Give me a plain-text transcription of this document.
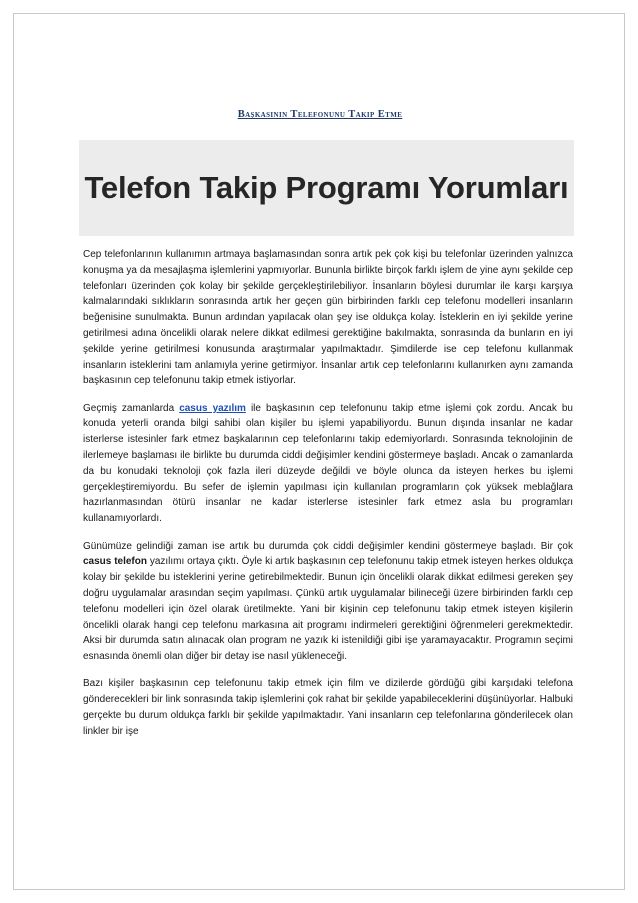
Başkasının Telefonunu Takip Etme
Telefon Takip Programı Yorumları

Cep telefonlarının kullanımın artmaya başlamasından sonra artık pek çok kişi bu telefonlar üzerinden yalnızca konuşma ya da mesajlaşma işlemlerini yapmıyorlar. Bununla birlikte birçok farklı işlem de yine aynı şekilde cep telefonları üzerinden çok kolay bir şekilde gerçekleştirilebiliyor. İnsanların böylesi durumlar ile karşı karşıya kalmalarındaki sıklıkların sonrasında artık her geçen gün birbirinden farklı cep telefonu modelleri insanların beğenisine sunulmakta. Bunun ardından yapılacak olan şey ise oldukça kolay. İsteklerin en iyi şekilde yerine getirilmesi adına öncelikli olarak nelere dikkat edilmesi gerektiğine bakılmakta, sonrasında da bunların en iyi şekilde yerine getirilmesi konusunda araştırmalar yapılmaktadır. Şimdilerde ise cep telefonu kullanmak insanların isteklerini tam anlamıyla yerine getirmiyor. İnsanlar artık cep telefonlarını kullanırken aynı zamanda başkasının cep telefonunu takip etmek istiyorlar.

Geçmiş zamanlarda casus yazılım ile başkasının cep telefonunu takip etme işlemi çok zordu. Ancak bu konuda yeterli oranda bilgi sahibi olan kişiler bu işlemi yapabiliyordu. Bunun dışında insanlar ne kadar isterlerse istesinler fark etmez başkalarının cep telefonlarını takip edemiyorlardı. Sonrasında teknolojinin de ilerlemeye başlaması ile birlikte bu durumda ciddi değişimler kendini göstermeye başladı. Ancak o zamanlarda da bu konudaki teknoloji çok fazla ileri düzeyde değildi ve böyle olunca da isteyen herkes bu işlemi gerçekleştiremiyordu. Bu sefer de işlemin yapılması için kullanılan programların çok yüksek meblağlara hazırlanmasından ötürü insanlar ne kadar isterlerse istesinler fark etmez asla bu programları kullanamıyorlardı.

Günümüze gelindiği zaman ise artık bu durumda çok ciddi değişimler kendini göstermeye başladı. Bir çok casus telefon yazılımı ortaya çıktı. Öyle ki artık başkasının cep telefonunu takip etmek isteyen herkes oldukça kolay bir şekilde bu isteklerini yerine getirebilmektedir. Bunun için öncelikli olarak dikkat edilmesi gereken şey doğru uygulamalar arasından seçim yapılması. Çünkü artık uygulamalar bilineceği üzere birbirinden farklı cep telefonu modelleri için özel olarak üretilmekte. Yani bir kişinin cep telefonunu takip etmek isteyen kişilerin öncelikli olarak hangi cep telefonu markasına ait programı indirmeleri gerektiğini öğrenmeleri gerekmektedir. Aksi bir durumda satın alınacak olan program ne yazık ki istenildiği gibi işe yaramayacaktır. Programın seçimi esnasında önemli olan diğer bir detay ise nasıl yükleneceği.

Bazı kişiler başkasının cep telefonunu takip etmek için film ve dizilerde gördüğü gibi karşıdaki telefona gönderecekleri bir link sonrasında takip işlemlerini çok rahat bir şekilde yapabileceklerini düşünüyorlar. Halbuki gerçekte bu durum oldukça farklı bir şekilde yapılmaktadır. Yani insanların cep telefonlarına gönderilecek olan linkler bir işe
